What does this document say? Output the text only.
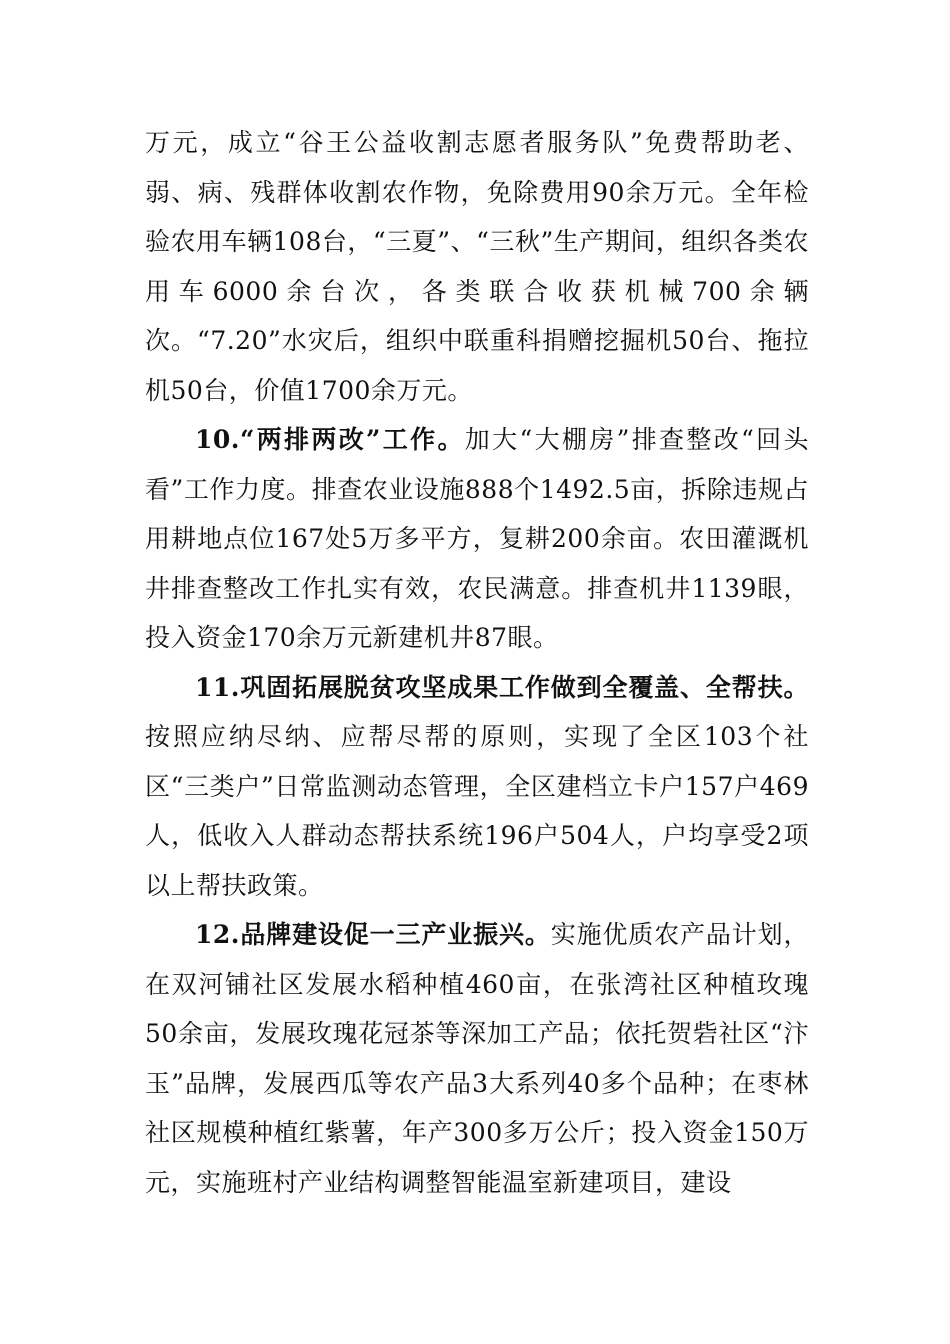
万元，成立“谷王公益收割志愿者服务队”免费帮助老、弱、病、残群体收割农作物，免除费用90余万元。全年检验农用车辆108台，“三夏”、“三秋”生产期间，组织各类农用车6000余台次，各类联合收获机械700余辆次。“7.20”水灾后，组织中联重科捐赠挖掘机50台、拖拉机50台，价值1700余万元。

10.“两排两改”工作。加大“大棚房”排查整改“回头看”工作力度。排查农业设施888个1492.5亩，拆除违规占用耕地点位167处5万多平方，复耕200余亩。农田灌溉机井排查整改工作扎实有效，农民满意。排查机井1139眼，投入资金170余万元新建机井87眼。

11.巩固拓展脱贫攻坚成果工作做到全覆盖、全帮扶。按照应纳尽纳、应帮尽帮的原则，实现了全区103个社区“三类户”日常监测动态管理，全区建档立卡户157户469人，低收入人群动态帮扶系统196户504人，户均享受2项以上帮扶政策。

12.品牌建设促一三产业振兴。实施优质农产品计划，在双河铺社区发展水稻种植460亩，在张湾社区种植玫瑰50余亩，发展玫瑰花冠茶等深加工产品；依托贺砦社区“汴玉”品牌，发展西瓜等农产品3大系列40多个品种；在枣林社区规模种植红紫薯，年产300多万公斤；投入资金150万元，实施班村产业结构调整智能温室新建项目，建设
